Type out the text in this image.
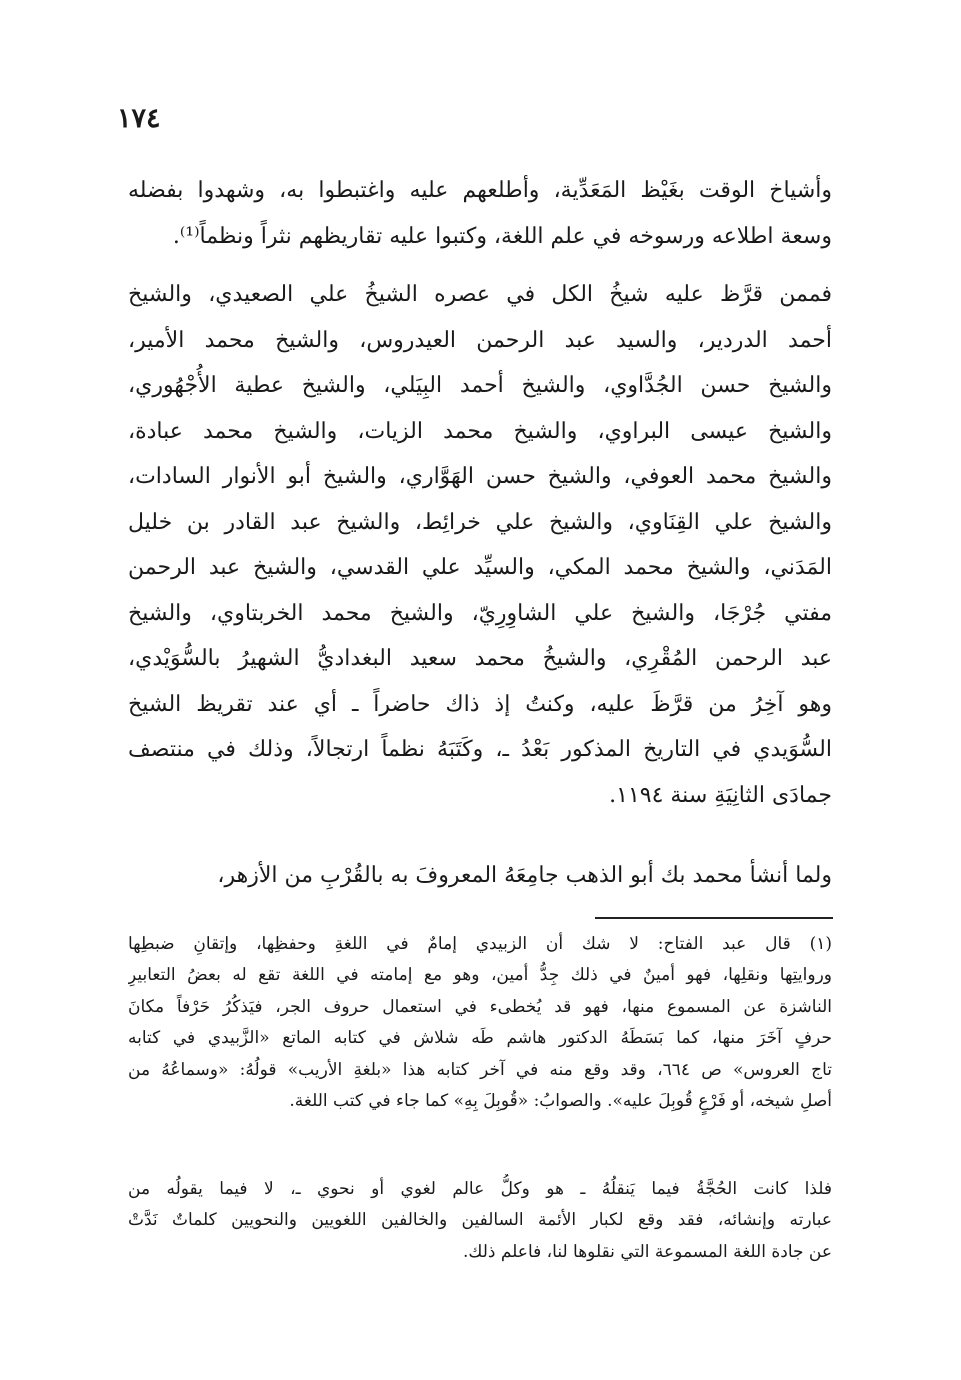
١٧٤

وأشياخ الوقت بغَيْظ المَعَدِّية، وأطلعهم عليه واغتبطوا به، وشهدوا بفضله
وسعة اطلاعه ورسوخه في علم اللغة، وكتبوا عليه تقاريظهم نثراً ونظماً⁽¹⁾.

فممن قرَّظ عليه شيخُ الكل في عصره الشيخُ علي الصعيدي، والشيخ
أحمد الدردير، والسيد عبد الرحمن العيدروس، والشيخ محمد الأمير،
والشيخ حسن الجُدَّاوي، والشيخ أحمد البِيَلي، والشيخ عطية الأُجْهُوري،
والشيخ عيسى البراوي، والشيخ محمد الزيات، والشيخ محمد عبادة،
والشيخ محمد العوفي، والشيخ حسن الهَوَّاري، والشيخ أبو الأنوار السادات،
والشيخ علي القِنَاوي، والشيخ علي خرائِط، والشيخ عبد القادر بن خليل
المَدَني، والشيخ محمد المكي، والسيِّد علي القدسي، والشيخ عبد الرحمن
مفتي جُرْجَا، والشيخ علي الشاوِرِيّ، والشيخ محمد الخربتاوي، والشيخ
عبد الرحمن المُقْرِي، والشيخُ محمد سعيد البغداديُّ الشهيرُ بالسُّوَيْدي،
وهو آخِرُ من قرَّظَ عليه، وكنتُ إذ ذاك حاضراً ـ أي عند تقريظ الشيخ
السُّوَيدي في التاريخ المذكور بَعْدُ ـ، وكَتَبَهُ نظماً ارتجالاً، وذلك في منتصف
جمادَى الثانِيَةِ سنة ١١٩٤.

ولما أنشأ محمد بك أبو الذهب جامِعَهُ المعروفَ به بالقُرْبِ من الأزهر،

(١) قال عبد الفتاح: لا شك أن الزبيدي إمامٌ في اللغةِ وحفظِها، وإتقانِ ضبطِها
وروايتِها ونقلِها، فهو أمينٌ في ذلك جِدُّ أمين، وهو مع إمامته في اللغة تقع له بعضُ التعابيرِ
الناشزة عن المسموع منها، فهو قد يُخطىء في استعمال حروف الجر، فيَذكُرُ حَرْفاً مكانَ
حرفٍ آخَرَ منها، كما بَسَطَهُ الدكتور هاشم طَه شلاش في كتابه الماتع «الزَّبيدي في كتابه
تاج العروس» ص ٦٦٤، وقد وقع منه في آخر كتابه هذا «بلغةِ الأريب» قولُهُ: «وسماعُهُ من
أصلِ شيخه، أو فَرْعٍ قُوبِلَ عليه». والصوابُ: «قُوبِلَ بِهِ» كما جاء في كتب اللغة.

فلذا كانت الحُجَّةُ فيما يَنقلُهُ ـ هو وكلُّ عالم لغوي أو نحوي ـ، لا فيما يقولُه من
عبارته وإنشائه، فقد وقع لكبار الأئمة السالفين والخالفين اللغويين والنحويين كلماتٌ نَدَّتْ
عن جادة اللغة المسموعة التي نقلوها لنا، فاعلم ذلك.
